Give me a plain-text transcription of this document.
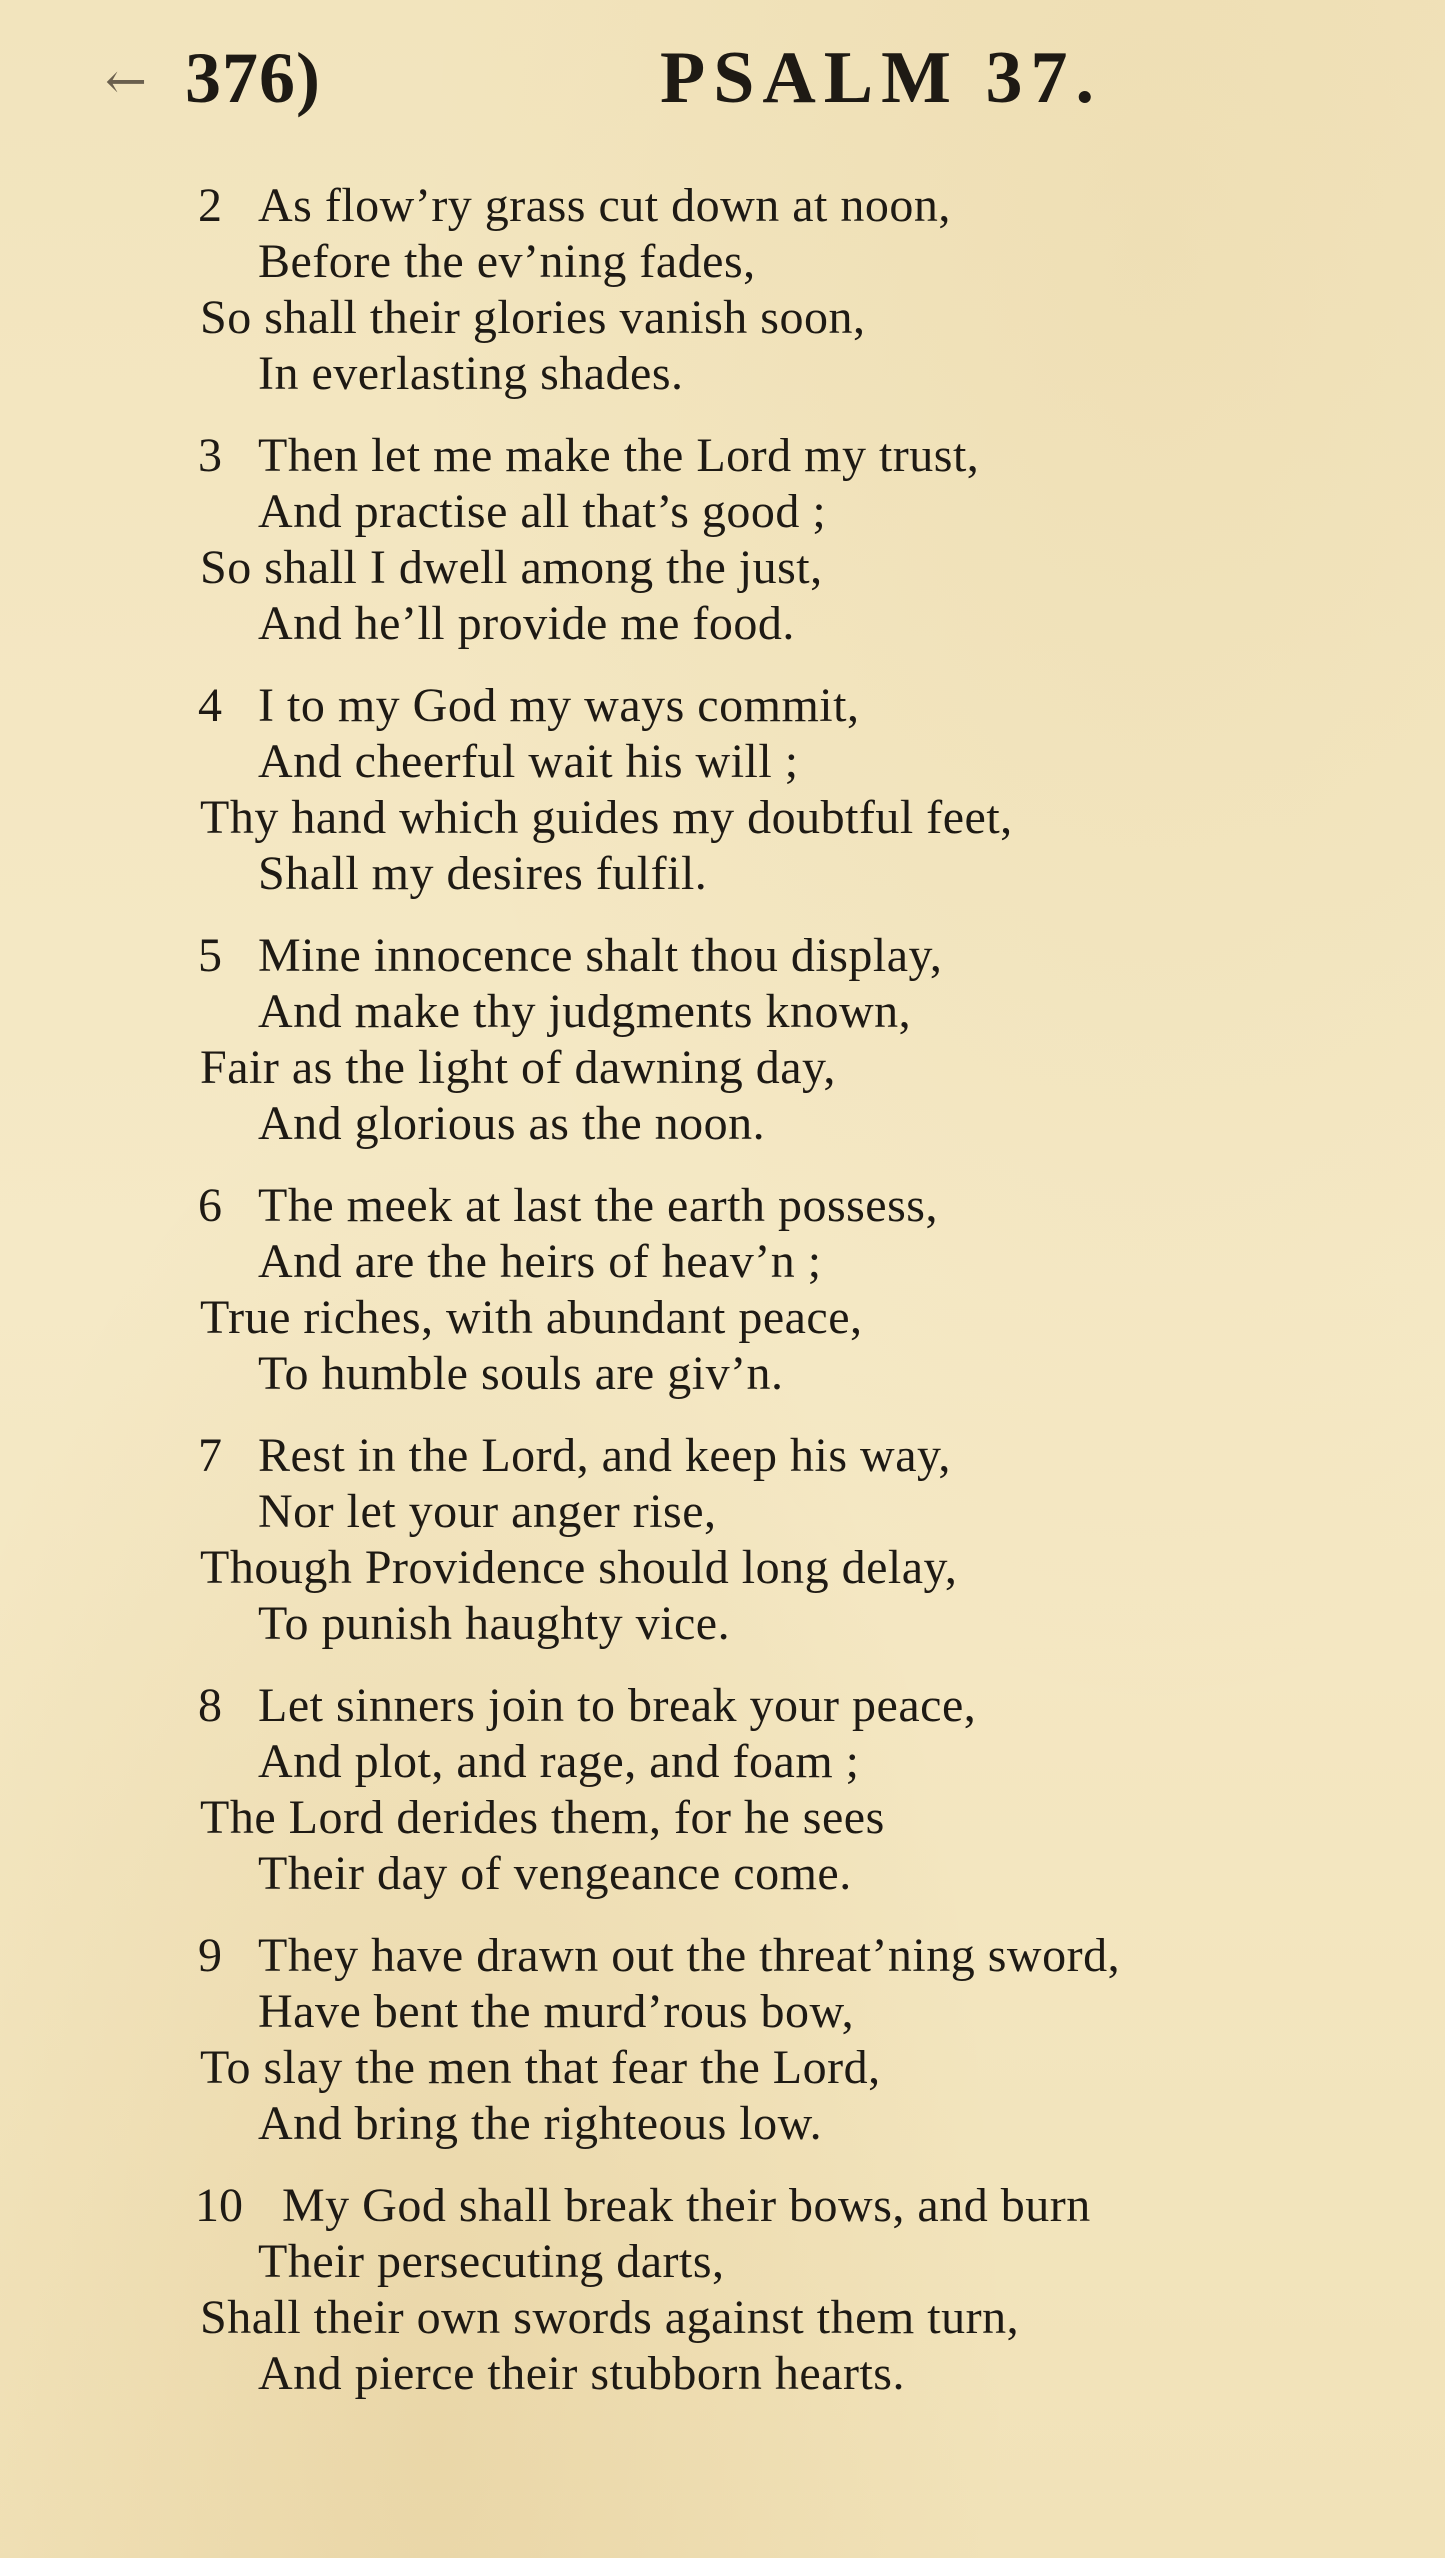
← 376)	PSALM 37.
2 As flow’ry grass cut down at noon,
Before the ev’ning fades,
So shall their glories vanish soon,
In everlasting shades.
3 Then let me make the Lord my trust,
And practise all that’s good ;
So shall I dwell among the just,
And he’ll provide me food.
4 I to my God my ways commit,
And cheerful wait his will ;
Thy hand which guides my doubtful feet,
Shall my desires fulfil.
5 Mine innocence shalt thou display,
And make thy judgments known,
Fair as the light of dawning day,
And glorious as the noon.
6 The meek at last the earth possess,
And are the heirs of heav’n ;
True riches, with abundant peace,
To humble souls are giv’n.
7 Rest in the Lord, and keep his way,
Nor let your anger rise,
Though Providence should long delay,
To punish haughty vice.
8 Let sinners join to break your peace,
And plot, and rage, and foam ;
The Lord derides them, for he sees
Their day of vengeance come.
9 They have drawn out the threat’ning sword,
Have bent the murd’rous bow,
To slay the men that fear the Lord,
And bring the righteous low.
10 My God shall break their bows, and burn
Their persecuting darts,
Shall their own swords against them turn,
And pierce their stubborn hearts.
